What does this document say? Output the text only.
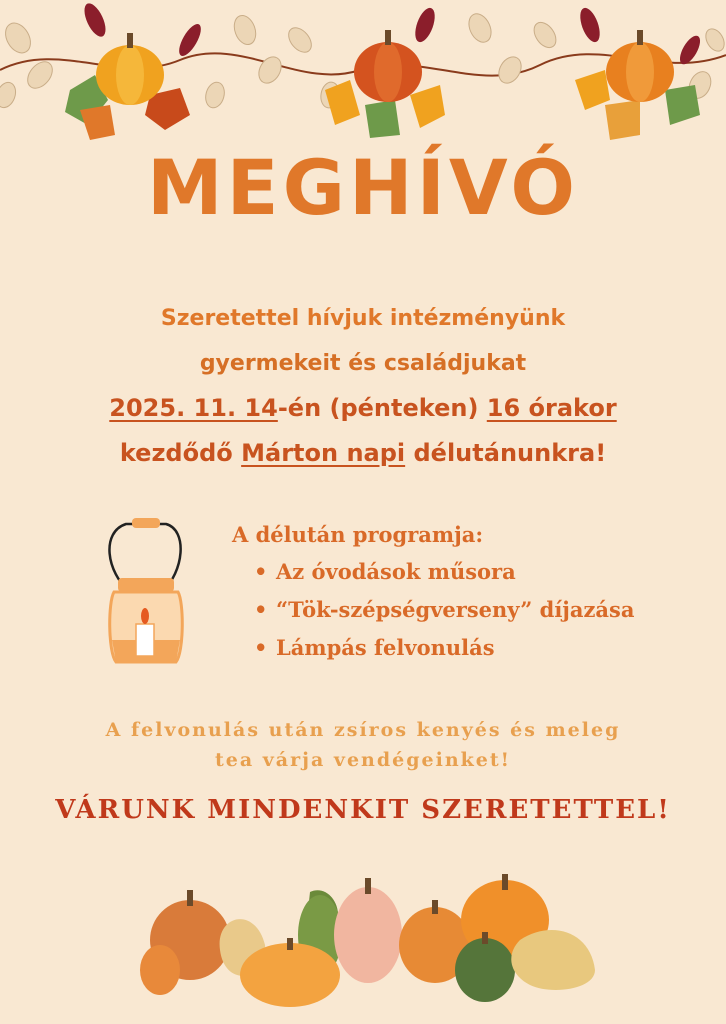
MEGHÍVÓ
Szeretettel hívjuk intézményünk
gyermekeit és családjukat
2025. 11. 14-én (pénteken) 16 órakor
kezdődő Márton napi délutánunkra!
A délután programja:
• Az óvodások műsora
• “Tök-szépségverseny” díjazása
• Lámpás felvonulás
A felvonulás után zsíros kenyés és meleg
tea várja vendégeinket!
VÁRUNK MINDENKIT SZERETETTEL!
